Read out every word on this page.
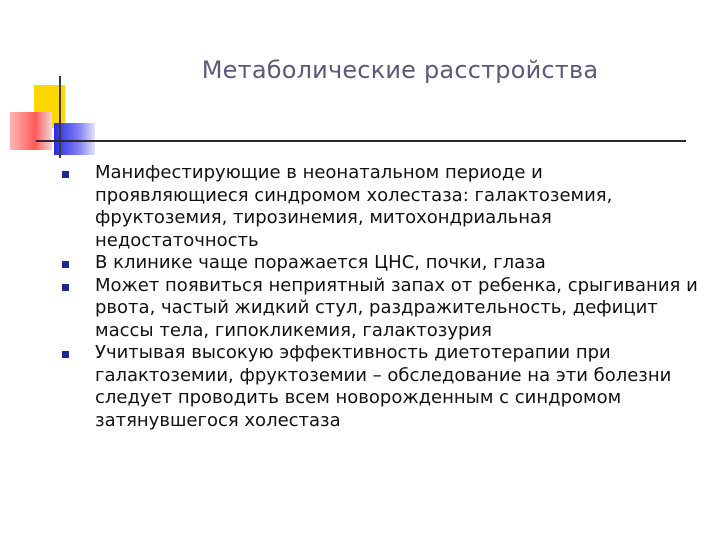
Метаболические расстройства
Манифестирующие в неонатальном периоде и проявляющиеся синдромом холестаза: галактоземия, фруктоземия, тирозинемия, митохондриальная недостаточность
В клинике чаще поражается ЦНС, почки, глаза
Может появиться неприятный запах от ребенка, срыгивания и рвота, частый жидкий стул, раздражительность, дефицит массы тела, гипокликемия, галактозурия
Учитывая высокую эффективность диетотерапии при галактоземии, фруктоземии – обследование на эти болезни следует проводить всем новорожденным с синдромом затянувшегося холестаза
